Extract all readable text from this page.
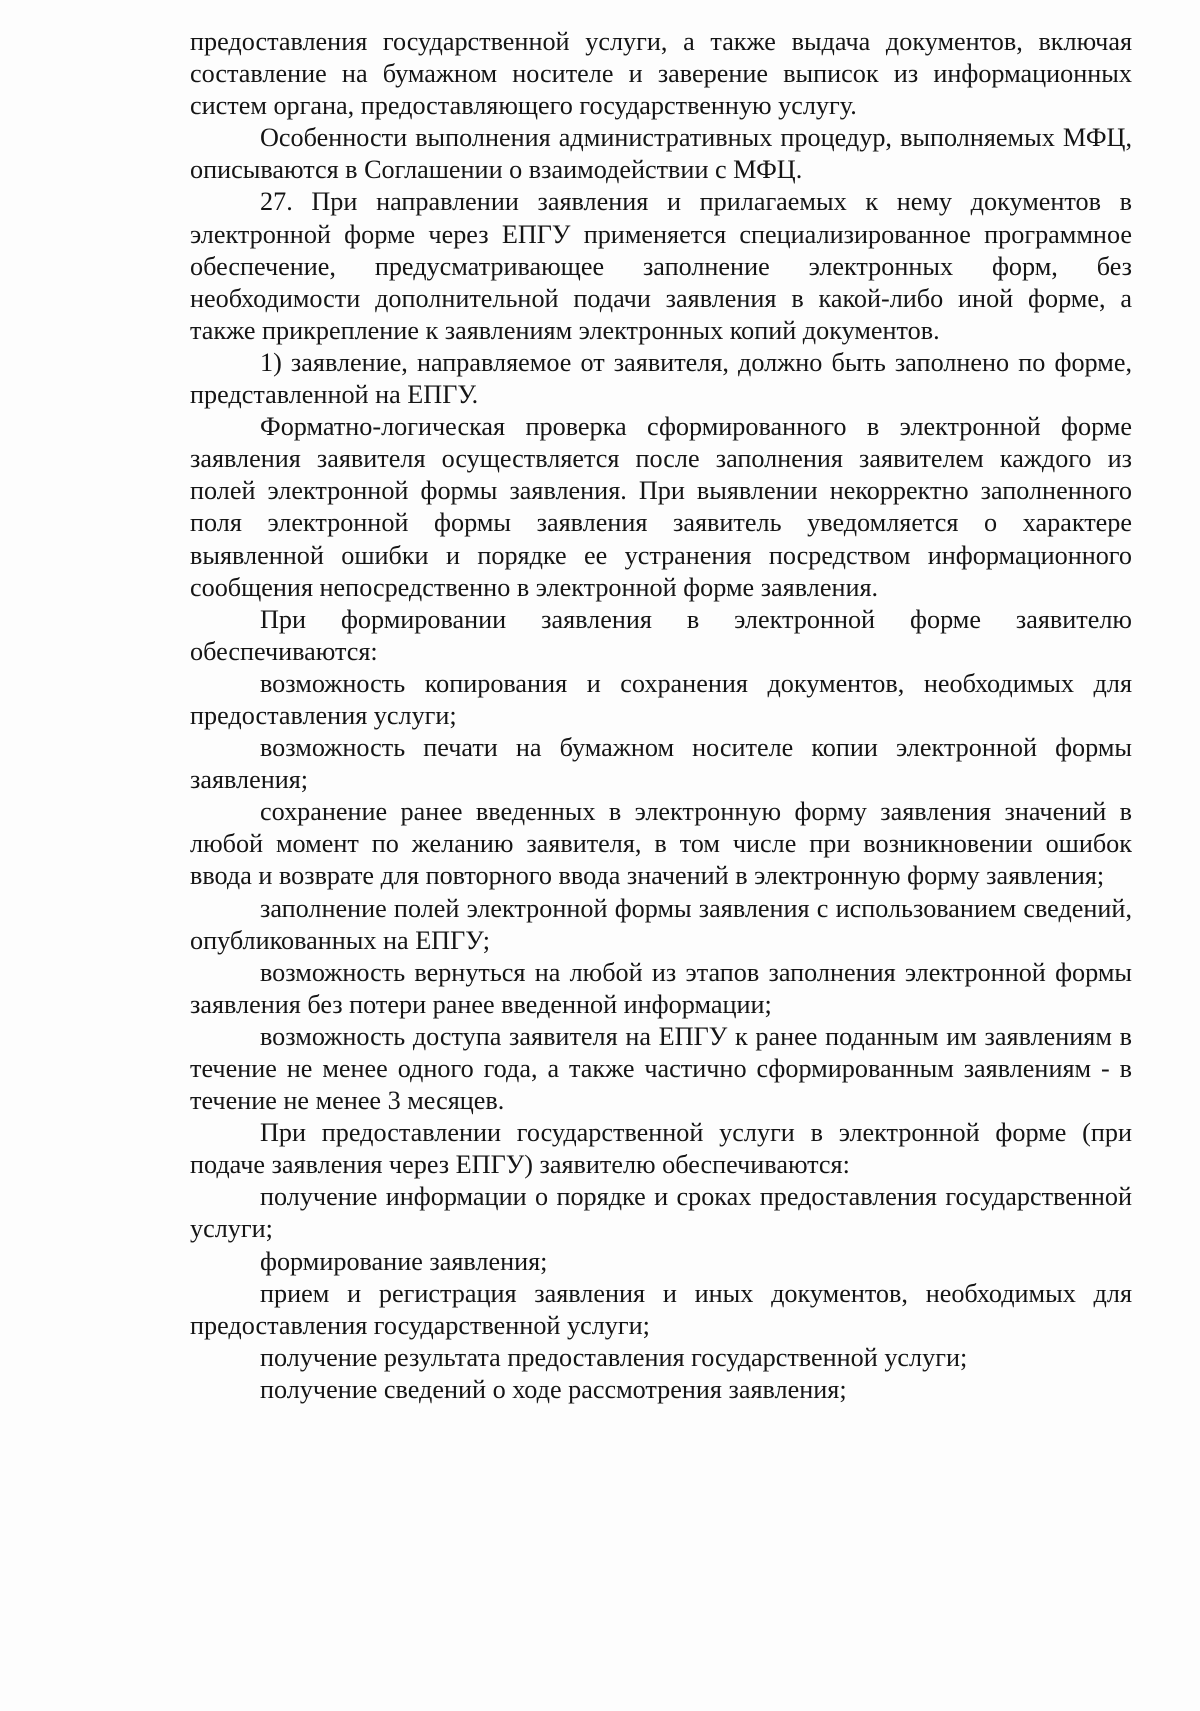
предоставления государственной услуги, а также выдача документов, включая составление на бумажном носителе и заверение выписок из информационных систем органа, предоставляющего государственную услугу.

Особенности выполнения административных процедур, выполняемых МФЦ, описываются в Соглашении о взаимодействии с МФЦ.

27. При направлении заявления и прилагаемых к нему документов в электронной форме через ЕПГУ применяется специализированное программное обеспечение, предусматривающее заполнение электронных форм, без необходимости дополнительной подачи заявления в какой-либо иной форме, а также прикрепление к заявлениям электронных копий документов.

1) заявление, направляемое от заявителя, должно быть заполнено по форме, представленной на ЕПГУ.

Форматно-логическая проверка сформированного в электронной форме заявления заявителя осуществляется после заполнения заявителем каждого из полей электронной формы заявления. При выявлении некорректно заполненного поля электронной формы заявления заявитель уведомляется о характере выявленной ошибки и порядке ее устранения посредством информационного сообщения непосредственно в электронной форме заявления.

При формировании заявления в электронной форме заявителю обеспечиваются:

возможность копирования и сохранения документов, необходимых для предоставления услуги;

возможность печати на бумажном носителе копии электронной формы заявления;

сохранение ранее введенных в электронную форму заявления значений в любой момент по желанию заявителя, в том числе при возникновении ошибок ввода и возврате для повторного ввода значений в электронную форму заявления;

заполнение полей электронной формы заявления с использованием сведений, опубликованных на ЕПГУ;

возможность вернуться на любой из этапов заполнения электронной формы заявления без потери ранее введенной информации;

возможность доступа заявителя на ЕПГУ к ранее поданным им заявлениям в течение не менее одного года, а также частично сформированным заявлениям - в течение не менее 3 месяцев.

При предоставлении государственной услуги в электронной форме (при подаче заявления через ЕПГУ) заявителю обеспечиваются:

получение информации о порядке и сроках предоставления государственной услуги;

формирование заявления;

прием и регистрация заявления и иных документов, необходимых для предоставления государственной услуги;

получение результата предоставления государственной услуги;

получение сведений о ходе рассмотрения заявления;
